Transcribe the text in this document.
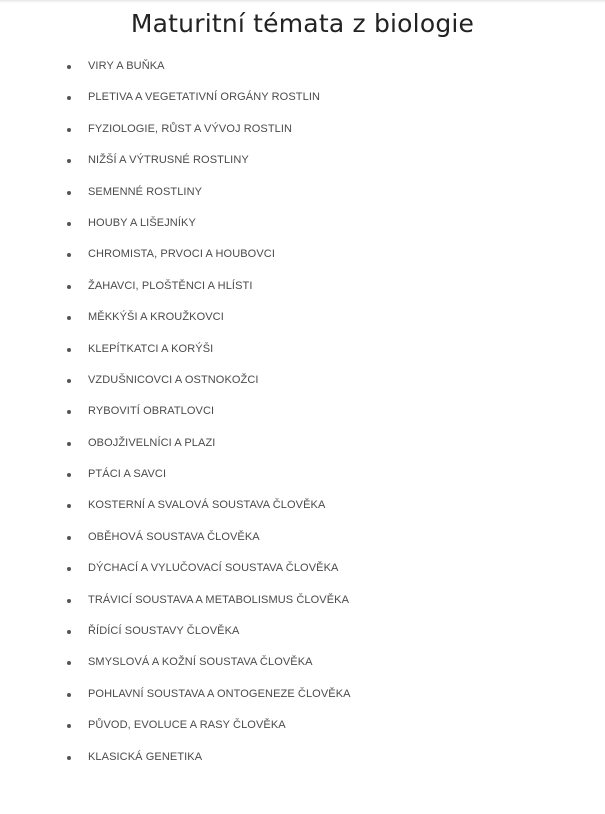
Maturitní témata z biologie
VIRY A BUŇKA
PLETIVA A VEGETATIVNÍ ORGÁNY ROSTLIN
FYZIOLOGIE, RŮST A VÝVOJ ROSTLIN
NIŽŠÍ A VÝTRUSNÉ ROSTLINY
SEMENNÉ ROSTLINY
HOUBY A LIŠEJNÍKY
CHROMISTA, PRVOCI A HOUBOVCI
ŽAHAVCI, PLOŠTĚNCI A HLÍSTI
MĚKKÝŠI A KROUŽKOVCI
KLEPÍTKATCI A KORÝŠI
VZDUŠNICOVCI A OSTNOKOŽCI
RYBOVITÍ OBRATLOVCI
OBOJŽIVELNÍCI A PLAZI
PTÁCI A SAVCI
KOSTERNÍ A SVALOVÁ SOUSTAVA ČLOVĚKA
OBĚHOVÁ SOUSTAVA ČLOVĚKA
DÝCHACÍ A VYLUČOVACÍ SOUSTAVA ČLOVĚKA
TRÁVICÍ SOUSTAVA A METABOLISMUS ČLOVĚKA
ŘÍDÍCÍ SOUSTAVY ČLOVĚKA
SMYSLOVÁ A KOŽNÍ SOUSTAVA ČLOVĚKA
POHLAVNÍ SOUSTAVA A ONTOGENEZE ČLOVĚKA
PŮVOD, EVOLUCE A RASY ČLOVĚKA
KLASICKÁ GENETIKA
